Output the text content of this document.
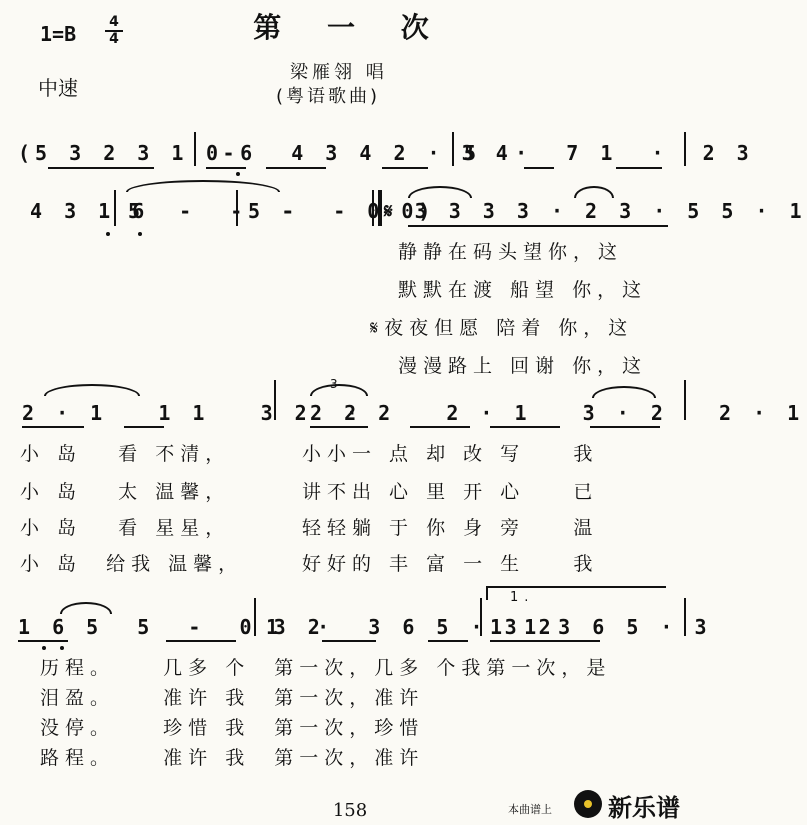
第 一 次
1=B	4
4
中速
梁雁翎 唱
(粤语歌曲)
(5 3 2 3 1  -
0 6  4 3 4 2 · 3 4
5  ·  7 1  ·  2 3
4 3 1 6
5  -  -  -
5 -  - 0 0)
𝄋 3 3 3 3 · 2 3 · 5 5 · 1
静静在码头望你，这
默默在渡 船望 你，这
𝄋夜夜但愿 陪着 你，这
漫漫路上 回谢 你，这
2 · 1   1 1   3 2  ·
3
2 2 2   2 · 1   3 · 2   2 · 1
小 岛   看 不清，
小 岛   太 温馨，
小 岛   看 星星，
小 岛  给我 温馨，
小小一 点 却 改 写    我
讲不出 心 里 开 心    已
轻轻躺 于 你 身 旁    温
好好的 丰 富 一 生    我
1.
1 6 5  5  -  0 3 2
1  ·  3 6 5 · 3 2
1 1 3 6 5 · 3
历程。    几多 个  第一次，几多 个我第一次，是
泪盈。    准许 我  第一次，准许
没停。    珍惜 我  第一次，珍惜
路程。    准许 我  第一次，准许
158	本曲谱上 新乐谱
